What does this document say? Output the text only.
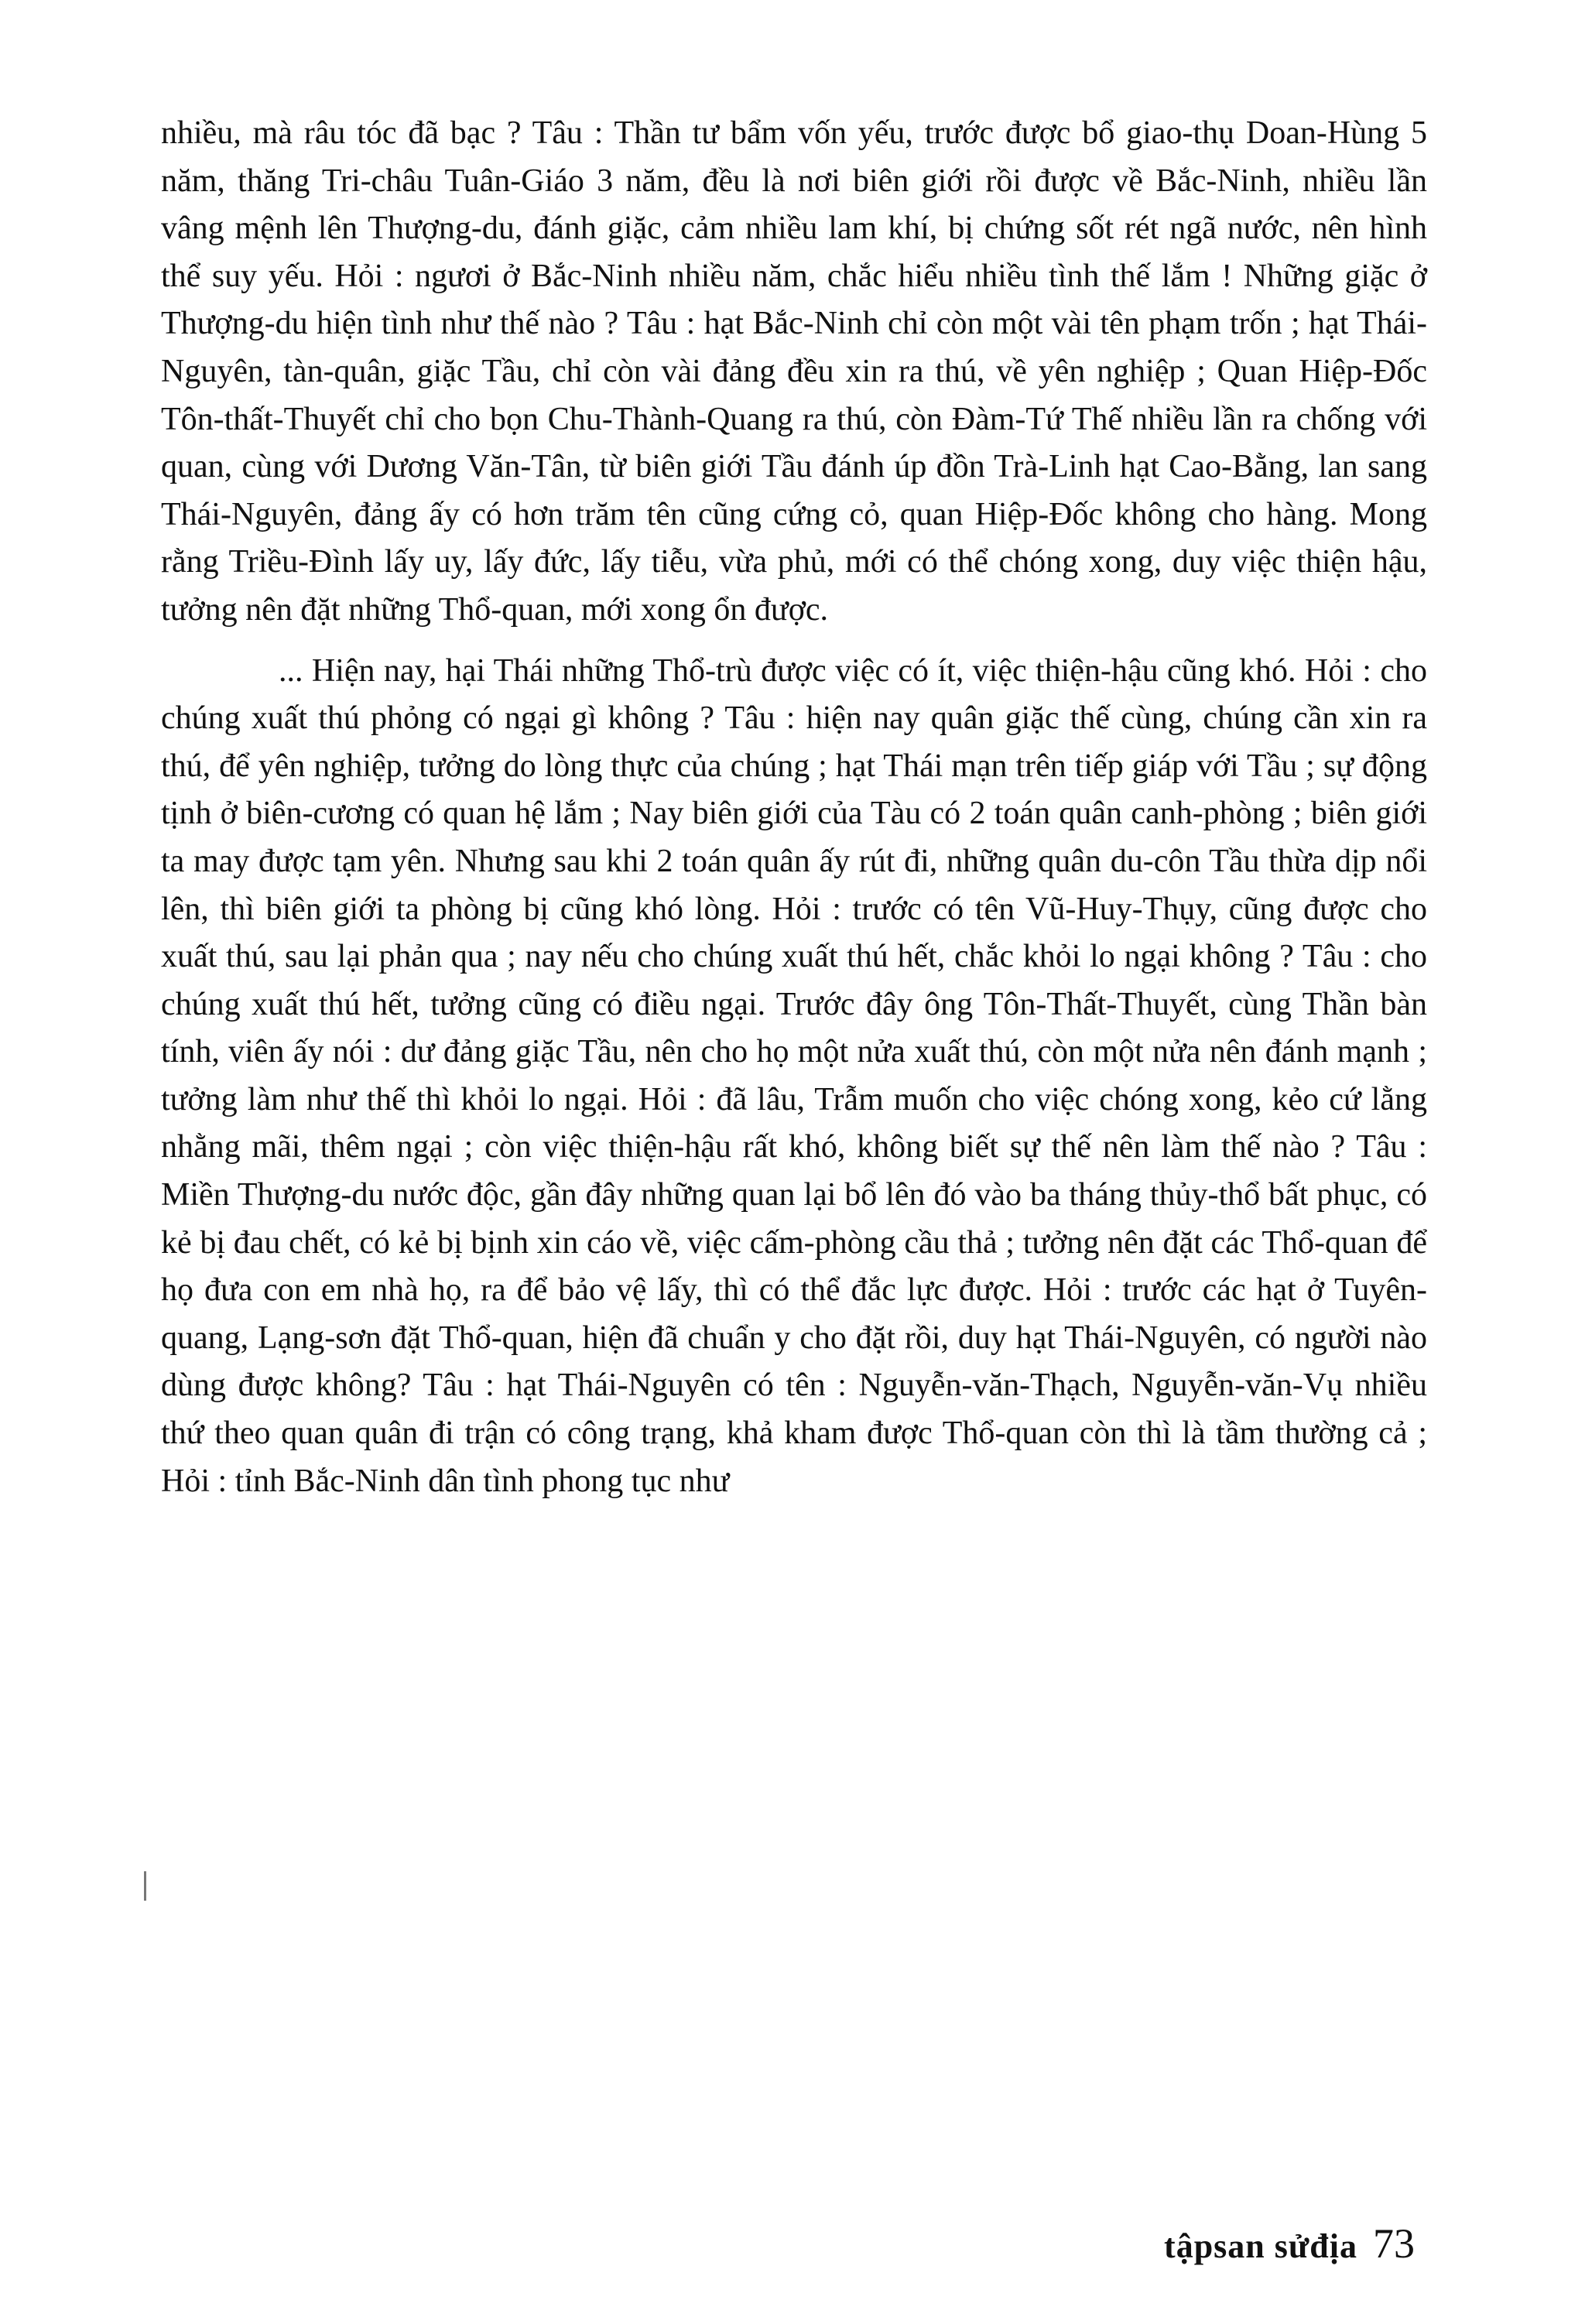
nhiều, mà râu tóc đã bạc ? Tâu : Thần tư bẩm vốn yếu, trước được bổ giao-thụ Doan-Hùng 5 năm, thăng Tri-châu Tuân-Giáo 3 năm, đều là nơi biên giới rồi được về Bắc-Ninh, nhiều lần vâng mệnh lên Thượng-du, đánh giặc, cảm nhiều lam khí, bị chứng sốt rét ngã nước, nên hình thể suy yếu. Hỏi : ngươi ở Bắc-Ninh nhiều năm, chắc hiểu nhiều tình thế lắm ! Những giặc ở Thượng-du hiện tình như thế nào ? Tâu : hạt Bắc-Ninh chỉ còn một vài tên phạm trốn ; hạt Thái-Nguyên, tàn-quân, giặc Tầu, chỉ còn vài đảng đều xin ra thú, về yên nghiệp ; Quan Hiệp-Đốc Tôn-thất-Thuyết chỉ cho bọn Chu-Thành-Quang ra thú, còn Đàm-Tứ Thế nhiều lần ra chống với quan, cùng với Dương Văn-Tân, từ biên giới Tầu đánh úp đồn Trà-Linh hạt Cao-Bằng, lan sang Thái-Nguyên, đảng ấy có hơn trăm tên cũng cứng cỏ, quan Hiệp-Đốc không cho hàng. Mong rằng Triều-Đình lấy uy, lấy đức, lấy tiễu, vừa phủ, mới có thể chóng xong, duy việc thiện hậu, tưởng nên đặt những Thổ-quan, mới xong ổn được.

... Hiện nay, hại Thái những Thổ-trù được việc có ít, việc thiện-hậu cũng khó. Hỏi : cho chúng xuất thú phỏng có ngại gì không ? Tâu : hiện nay quân giặc thế cùng, chúng cần xin ra thú, để yên nghiệp, tưởng do lòng thực của chúng ; hạt Thái mạn trên tiếp giáp với Tầu ; sự động tịnh ở biên-cương có quan hệ lắm ; Nay biên giới của Tàu có 2 toán quân canh-phòng ; biên giới ta may được tạm yên. Nhưng sau khi 2 toán quân ấy rút đi, những quân du-côn Tầu thừa dịp nổi lên, thì biên giới ta phòng bị cũng khó lòng. Hỏi : trước có tên Vũ-Huy-Thụy, cũng được cho xuất thú, sau lại phản qua ; nay nếu cho chúng xuất thú hết, chắc khỏi lo ngại không ? Tâu : cho chúng xuất thú hết, tưởng cũng có điều ngại. Trước đây ông Tôn-Thất-Thuyết, cùng Thần bàn tính, viên ấy nói : dư đảng giặc Tầu, nên cho họ một nửa xuất thú, còn một nửa nên đánh mạnh ; tưởng làm như thế thì khỏi lo ngại. Hỏi : đã lâu, Trẫm muốn cho việc chóng xong, kẻo cứ lằng nhằng mãi, thêm ngại ; còn việc thiện-hậu rất khó, không biết sự thế nên làm thế nào ? Tâu : Miền Thượng-du nước độc, gần đây những quan lại bổ lên đó vào ba tháng thủy-thổ bất phục, có kẻ bị đau chết, có kẻ bị bịnh xin cáo về, việc cấm-phòng cầu thả ; tưởng nên đặt các Thổ-quan để họ đưa con em nhà họ, ra để bảo vệ lấy, thì có thể đắc lực được. Hỏi : trước các hạt ở Tuyên-quang, Lạng-sơn đặt Thổ-quan, hiện đã chuẩn y cho đặt rồi, duy hạt Thái-Nguyên, có người nào dùng được không? Tâu : hạt Thái-Nguyên có tên : Nguyễn-văn-Thạch, Nguyễn-văn-Vụ nhiều thứ theo quan quân đi trận có công trạng, khả kham được Thổ-quan còn thì là tầm thường cả ; Hỏi : tỉnh Bắc-Ninh dân tình phong tục như

tậpsan sửđịa 73
